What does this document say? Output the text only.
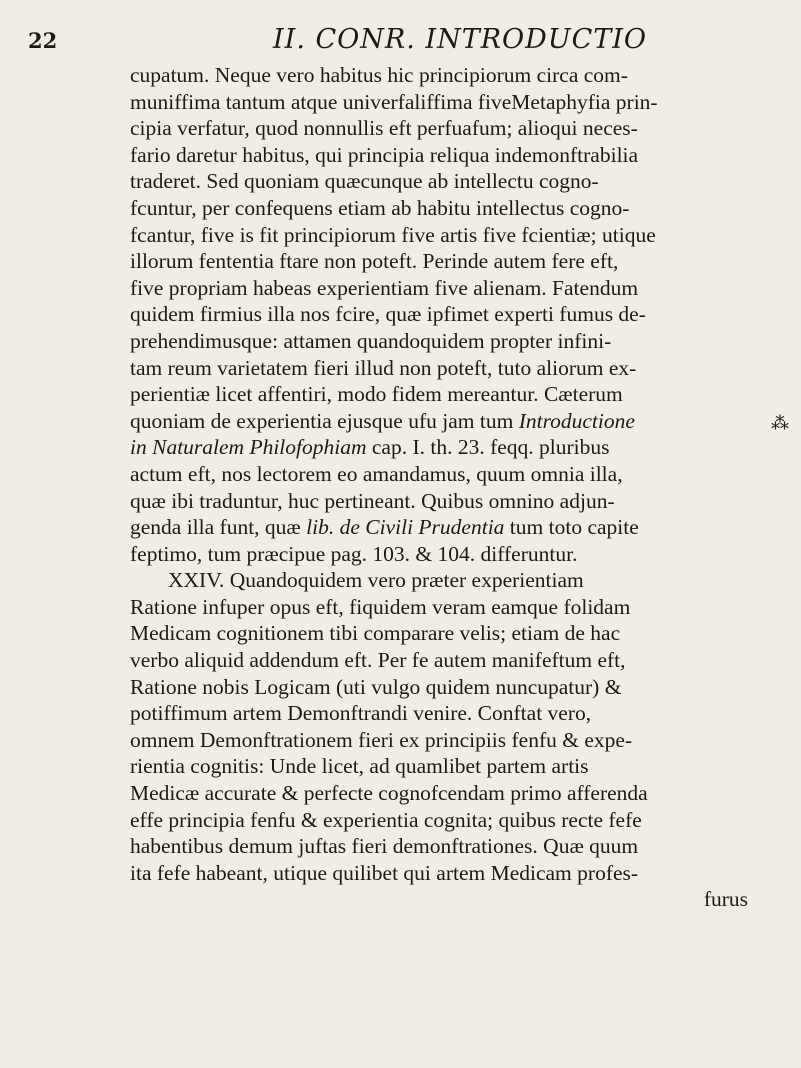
22	II. CONR. INTRODUCTIO
cupatum. Neque vero habitus hic principiorum circa com-
muniffima tantum atque univerfaliffima fiveMetaphyfia prin-
cipia verfatur, quod nonnullis eft perfuafum; alioqui neces-
fario daretur habitus, qui principia reliqua indemonftrabilia
traderet. Sed quoniam quæcunque ab intellectu cogno-
fcuntur, per confequens etiam ab habitu intellectus cogno-
fcantur, five is fit principiorum five artis five fcientiæ; utique
illorum fententia ftare non poteft. Perinde autem fere eft,
five propriam habeas experientiam five alienam. Fatendum
quidem firmius illa nos fcire, quæ ipfimet experti fumus de-
prehendimusque: attamen quandoquidem propter infini-
tam reum varietatem fieri illud non poteft, tuto aliorum ex-
perientiæ licet affentiri, modo fidem mereantur. Cæterum
quoniam de experientia ejusque ufu jam tum Introductione
in Naturalem Philofophiam cap. I. th. 23. feqq. pluribus
actum eft, nos lectorem eo amandamus, quum omnia illa,
quæ ibi traduntur, huc pertineant. Quibus omnino adjun-
genda illa funt, quæ lib. de Civili Prudentia tum toto capite
feptimo, tum præcipue pag. 103. & 104. differuntur.
XXIV. Quandoquidem vero præter experientiam
Ratione infuper opus eft, fiquidem veram eamque folidam
Medicam cognitionem tibi comparare velis; etiam de hac
verbo aliquid addendum eft. Per fe autem manifeftum eft,
Ratione nobis Logicam (uti vulgo quidem nuncupatur) &
potiffimum artem Demonftrandi venire. Conftat vero,
omnem Demonftrationem fieri ex principiis fenfu & expe-
rientia cognitis: Unde licet, ad quamlibet partem artis
Medicæ accurate & perfecte cognofcendam primo afferenda
effe principia fenfu & experientia cognita; quibus recte fefe
habentibus demum juftas fieri demonftrationes. Quæ quum
ita fefe habeant, utique quilibet qui artem Medicam profes-
furus
⁂
